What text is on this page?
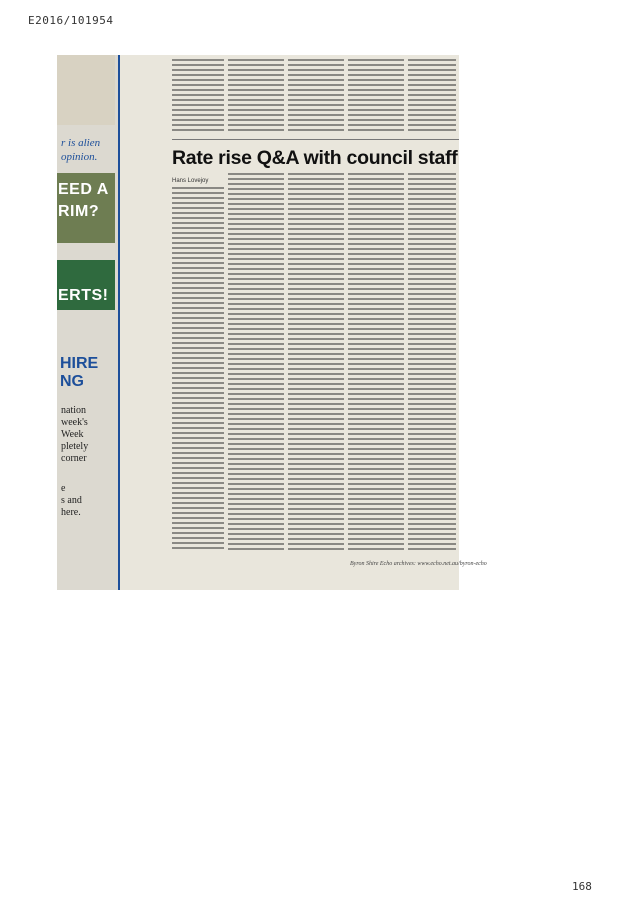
E2016/101954
r is alien
opinion.
EED A
RIM?
ERTS!
HIRE
NG
nation
week's
Week
pletely
corner
e
s and
here.
Rate rise Q&A with council staff
Hans Lovejoy
Byron Shire Echo archives: www.echo.net.au/byron-echo
168
